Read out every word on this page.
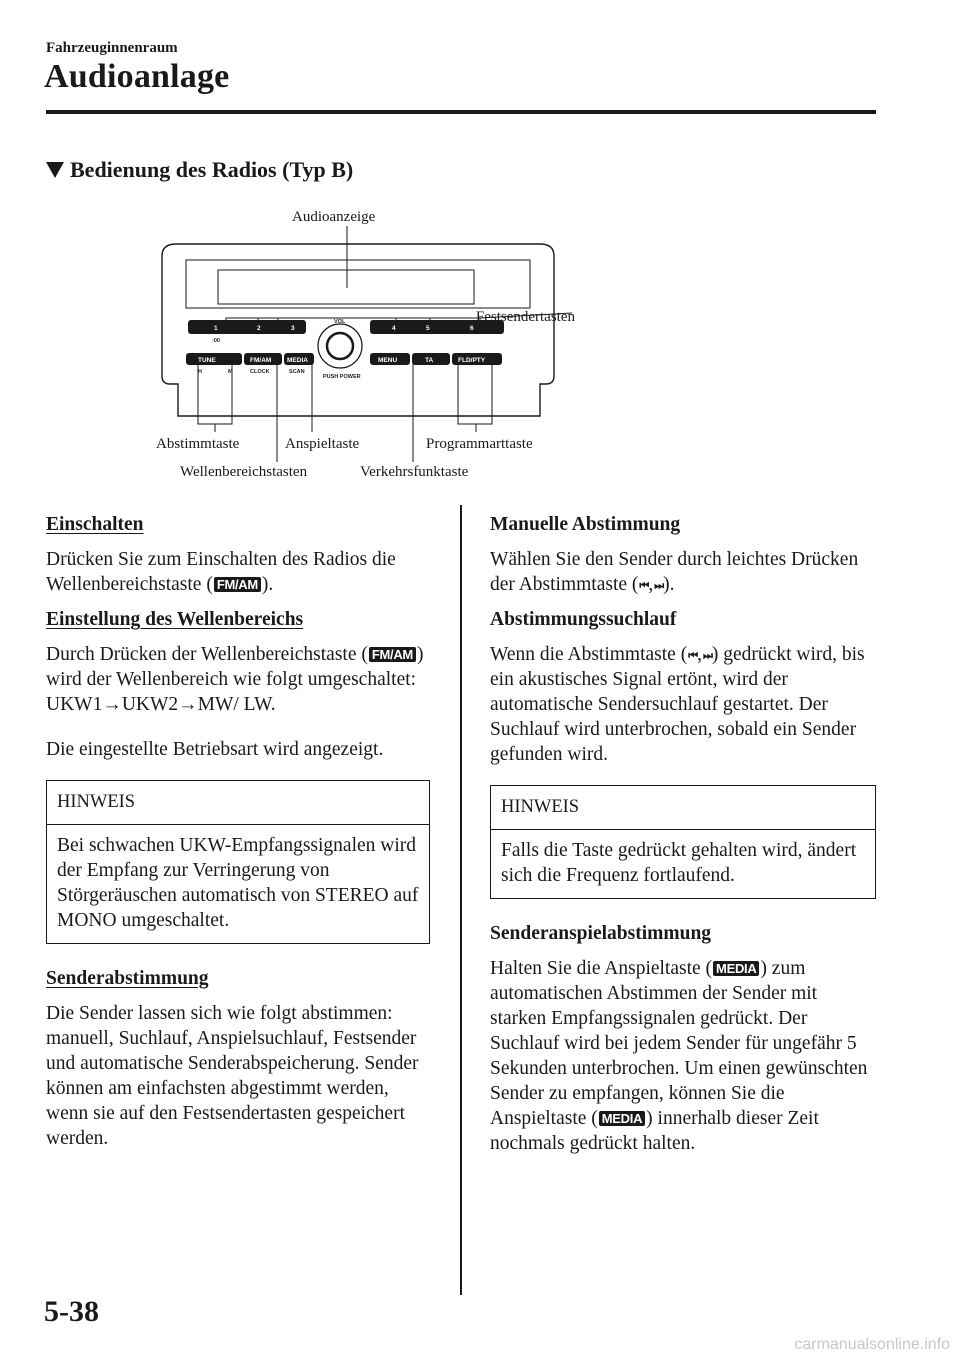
Fahrzeuginnenraum
Audioanlage
Bedienung des Radios (Typ B)
1	2	3	4	5	6
:00
VOL
PUSH POWER
TUNE	FM/AM MEDIA	MENU	TA	FLD/PTY
H	M	CLOCK	SCAN
Audioanzeige
Festsendertasten
Abstimmtaste	Anspieltaste	Programmarttaste
Wellenbereichstasten	Verkehrsfunktaste
Einschalten

Drücken Sie zum Einschalten des Radios die Wellenbereichstaste ( FM/AM ).

Einstellung des Wellenbereichs

Durch Drücken der Wellenbereichstaste ( FM/AM ) wird der Wellenbereich wie folgt umgeschaltet: UKW1→UKW2→MW/ LW.

Die eingestellte Betriebsart wird angezeigt.

HINWEIS
Bei schwachen UKW-Empfangssignalen wird der Empfang zur Verringerung von Störgeräuschen automatisch von STEREO auf MONO umgeschaltet.
Senderabstimmung

Die Sender lassen sich wie folgt abstimmen: manuell, Suchlauf, Anspielsuchlauf, Festsender und automatische Senderabspeicherung. Sender können am einfachsten abgestimmt werden, wenn sie auf den Festsendertasten gespeichert werden.

Manuelle Abstimmung

Wählen Sie den Sender durch leichtes Drücken der Abstimmtaste (⏮,⏭).

Abstimmungssuchlauf

Wenn die Abstimmtaste (⏮,⏭) gedrückt wird, bis ein akustisches Signal ertönt, wird der automatische Sendersuchlauf gestartet. Der Suchlauf wird unterbrochen, sobald ein Sender gefunden wird.

HINWEIS
Falls die Taste gedrückt gehalten wird, ändert sich die Frequenz fortlaufend.
Senderanspielabstimmung

Halten Sie die Anspieltaste ( MEDIA ) zum automatischen Abstimmen der Sender mit starken Empfangssignalen gedrückt. Der Suchlauf wird bei jedem Sender für ungefähr 5 Sekunden unterbrochen. Um einen gewünschten Sender zu empfangen, können Sie die Anspieltaste ( MEDIA ) innerhalb dieser Zeit nochmals gedrückt halten.

5-38
carmanualsonline.info
